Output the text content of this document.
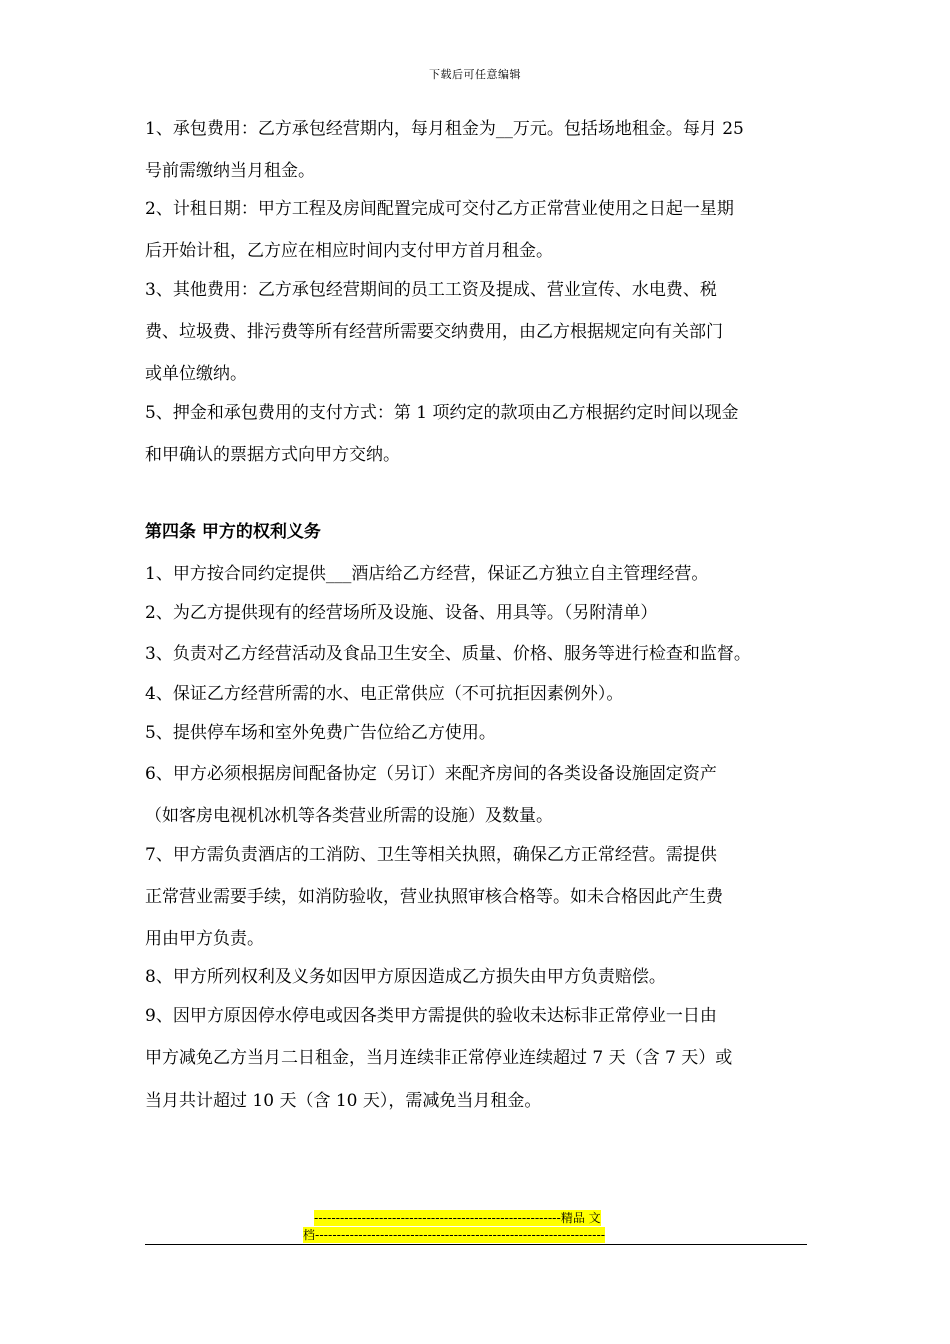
下载后可任意编辑
1、承包费用：乙方承包经营期内，每月租金为__万元。包括场地租金。每月 25
号前需缴纳当月租金。
2、计租日期：甲方工程及房间配置完成可交付乙方正常营业使用之日起一星期
后开始计租，乙方应在相应时间内支付甲方首月租金。
3、其他费用：乙方承包经营期间的员工工资及提成、营业宣传、水电费、税
费、垃圾费、排污费等所有经营所需要交纳费用，由乙方根据规定向有关部门
或单位缴纳。
5、押金和承包费用的支付方式：第 1 项约定的款项由乙方根据约定时间以现金
和甲确认的票据方式向甲方交纳。
第四条 甲方的权利义务
1、甲方按合同约定提供___酒店给乙方经营，保证乙方独立自主管理经营。
2、为乙方提供现有的经营场所及设施、设备、用具等。（另附清单）
3、负责对乙方经营活动及食品卫生安全、质量、价格、服务等进行检查和监督。
4、保证乙方经营所需的水、电正常供应（不可抗拒因素例外）。
5、提供停车场和室外免费广告位给乙方使用。
6、甲方必须根据房间配备协定（另订）来配齐房间的各类设备设施固定资产
（如客房电视机冰机等各类营业所需的设施）及数量。
7、甲方需负责酒店的工消防、卫生等相关执照，确保乙方正常经营。需提供
正常营业需要手续，如消防验收，营业执照审核合格等。如未合格因此产生费
用由甲方负责。
8、甲方所列权利及义务如因甲方原因造成乙方损失由甲方负责赔偿。
9、因甲方原因停水停电或因各类甲方需提供的验收未达标非正常停业一日由
甲方减免乙方当月二日租金，当月连续非正常停业连续超过 7 天（含 7 天）或
当月共计超过 10 天（含 10 天），需减免当月租金。
---------------------------------------------------------精品 文
档-------------------------------------------------------------------
